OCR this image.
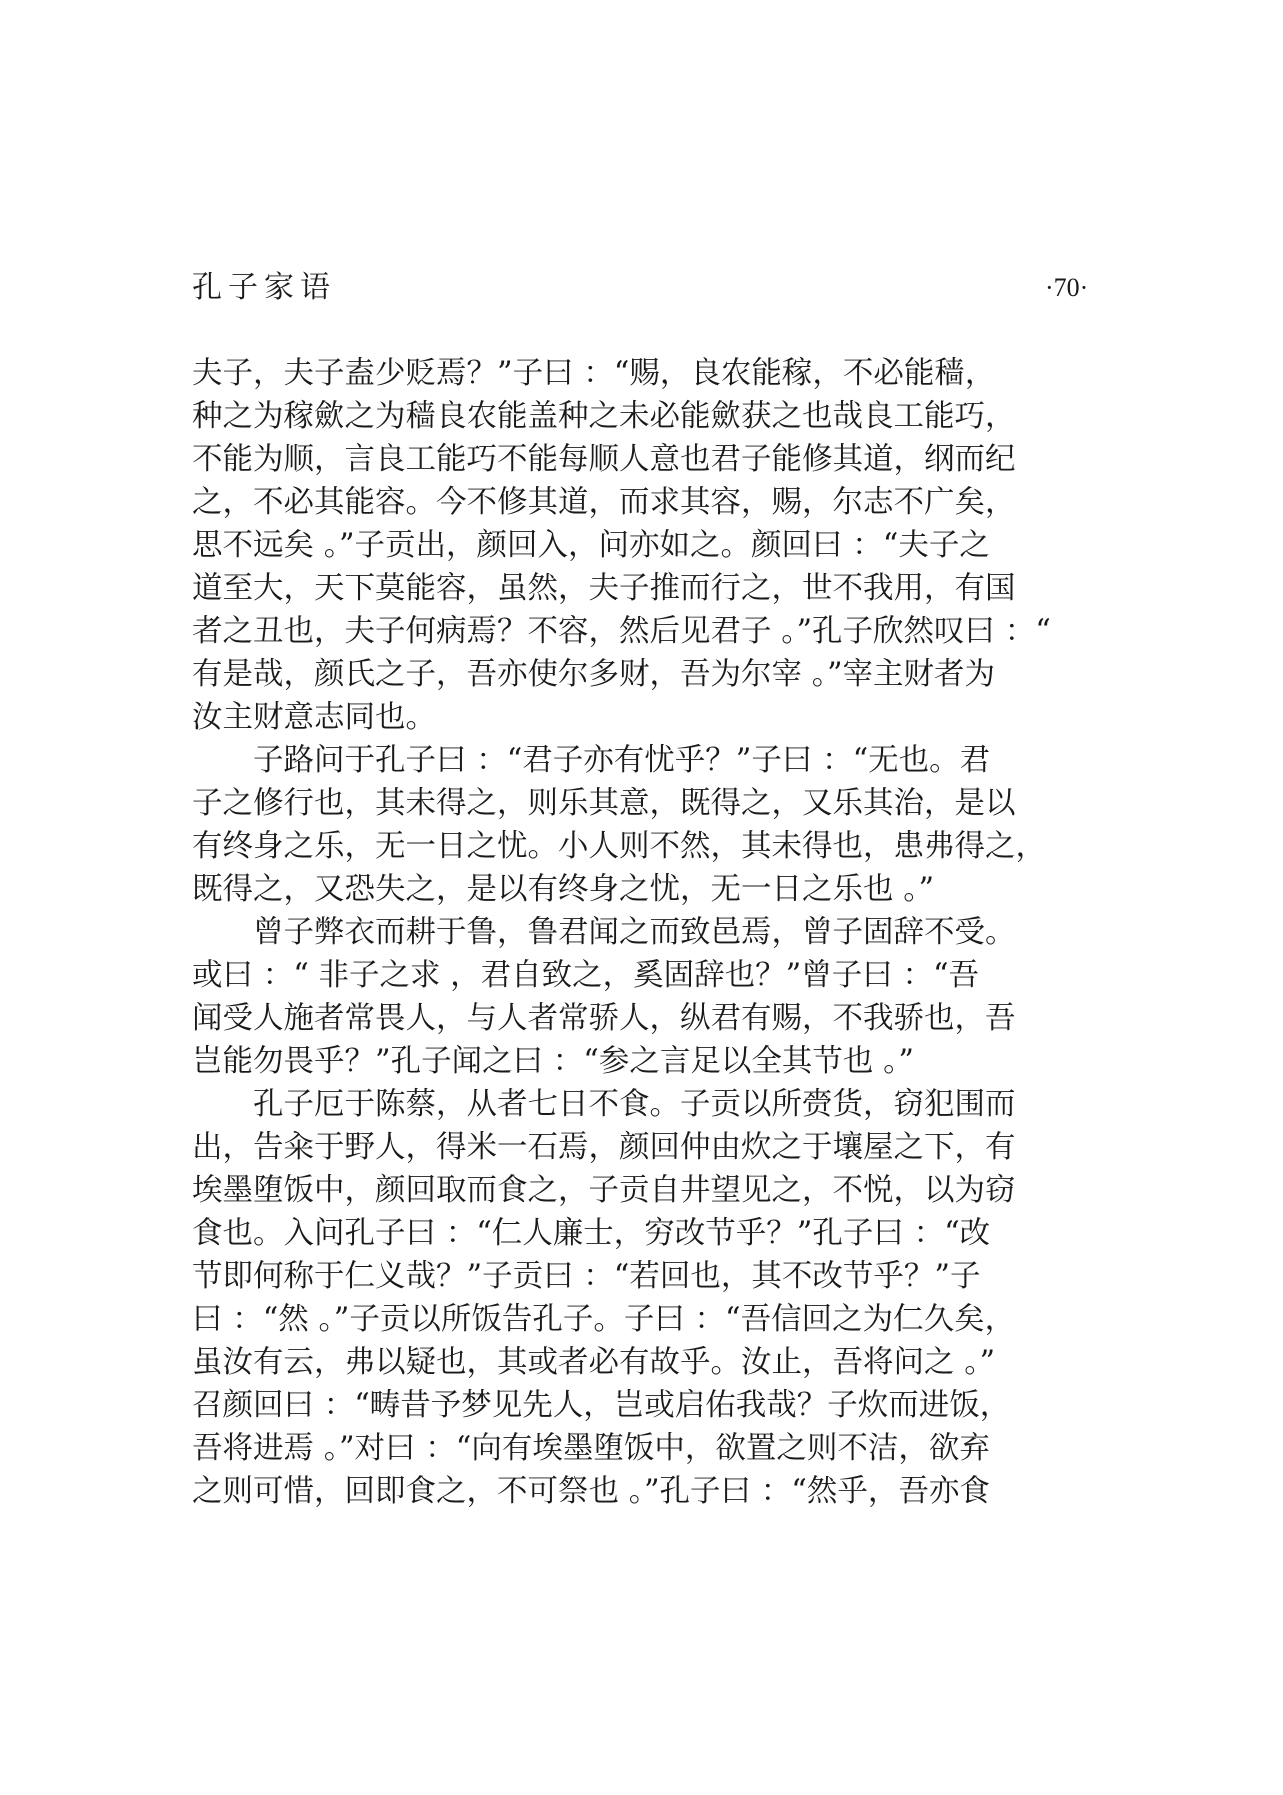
孔子家语	·70·
夫子，夫子盍少贬焉？”子曰 ：“赐，良农能稼，不必能穑，
种之为稼歛之为穑良农能盖种之未必能歛获之也哉良工能巧，
不能为顺，言良工能巧不能每顺人意也君子能修其道，纲而纪
之，不必其能容。今不修其道，而求其容，赐，尔志不广矣，
思不远矣 。”子贡出，颜回入，问亦如之。颜回曰 ：“夫子之
道至大，天下莫能容，虽然，夫子推而行之，世不我用，有国
者之丑也，夫子何病焉？不容，然后见君子 。”孔子欣然叹曰 ：“
有是哉，颜氏之子，吾亦使尔多财，吾为尔宰 。”宰主财者为
汝主财意志同也。
子路问于孔子曰 ：“君子亦有忧乎？”子曰 ：“无也。君
子之修行也，其未得之，则乐其意，既得之，又乐其治，是以
有终身之乐，无一日之忧。小人则不然，其未得也，患弗得之，
既得之，又恐失之，是以有终身之忧，无一日之乐也 。”
曾子弊衣而耕于鲁，鲁君闻之而致邑焉，曾子固辞不受。
或曰 ：“ 非子之求 ，君自致之，奚固辞也？”曾子曰 ：“吾
闻受人施者常畏人，与人者常骄人，纵君有赐，不我骄也，吾
岂能勿畏乎？”孔子闻之曰 ：“参之言足以全其节也 。”
孔子厄于陈蔡，从者七日不食。子贡以所赍货，窃犯围而
出，告籴于野人，得米一石焉，颜回仲由炊之于壤屋之下，有
埃墨堕饭中，颜回取而食之，子贡自井望见之，不悦，以为窃
食也。入问孔子曰 ：“仁人廉士，穷改节乎？”孔子曰 ：“改
节即何称于仁义哉？”子贡曰 ：“若回也，其不改节乎？”子
曰 ：“然 。”子贡以所饭告孔子。子曰 ：“吾信回之为仁久矣，
虽汝有云，弗以疑也，其或者必有故乎。汝止，吾将问之 。”
召颜回曰 ：“畴昔予梦见先人，岂或启佑我哉？子炊而进饭，
吾将进焉 。”对曰 ：“向有埃墨堕饭中，欲置之则不洁，欲弃
之则可惜，回即食之，不可祭也 。”孔子曰 ：“然乎，吾亦食
